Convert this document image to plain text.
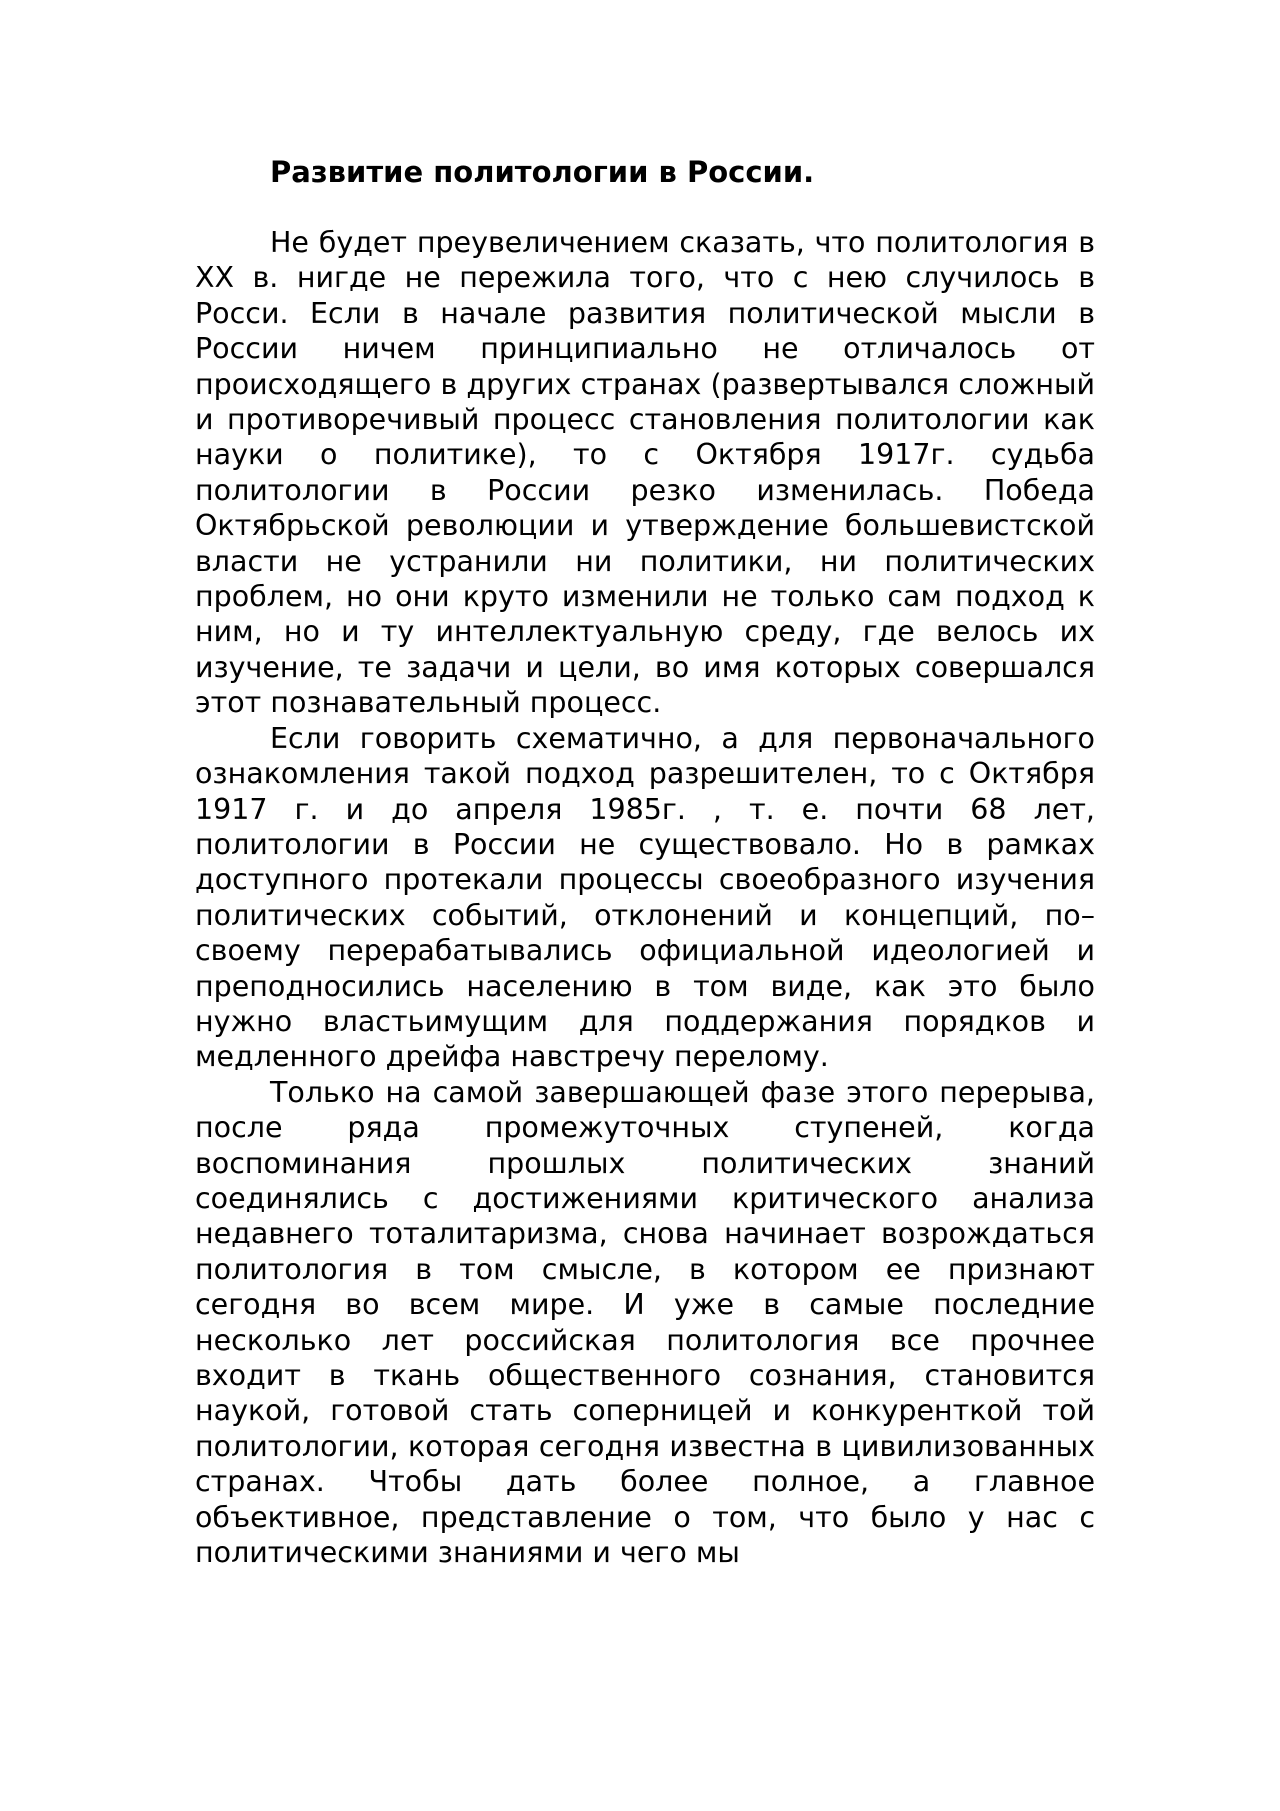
Развитие политологии в России.

Не будет преувеличением сказать, что политология в XX в. нигде не пережила того, что с нею случилось в Росси. Если в начале развития политической мысли в России ничем принципиально не отличалось от происходящего в других странах (развертывался сложный и противоречивый процесс становления политологии как науки о политике), то с Октября 1917г. судьба политологии в России резко изменилась. Победа Октябрьской революции и утверждение большевистской власти не устранили ни политики, ни политических проблем, но они круто изменили не только сам подход к ним, но и ту интеллектуальную среду, где велось их изучение, те задачи и цели, во имя которых совершался этот познавательный процесс.

Если говорить схематично, а для первоначального ознакомления такой подход разрешителен, то с Октября 1917 г. и до апреля 1985г. , т. е. почти 68 лет, политологии в России не существовало. Но в рамках доступного протекали процессы своеобразного изучения политических событий, отклонений и концепций, по–своему перерабатывались официальной идеологией и преподносились населению в том виде, как это было нужно властьимущим для поддержания порядков и медленного дрейфа навстречу перелому.

Только на самой завершающей фазе этого перерыва, после ряда промежуточных ступеней, когда воспоминания прошлых политических знаний соединялись с достижениями критического анализа недавнего тоталитаризма, снова начинает возрождаться политология в том смысле, в котором ее признают сегодня во всем мире. И уже в самые последние несколько лет российская политология все прочнее входит в ткань общественного сознания, становится наукой, готовой стать соперницей и конкуренткой той политологии, которая сегодня известна в цивилизованных странах. Чтобы дать более полное, а главное объективное, представление о том, что было у нас с политическими знаниями и чего мы
